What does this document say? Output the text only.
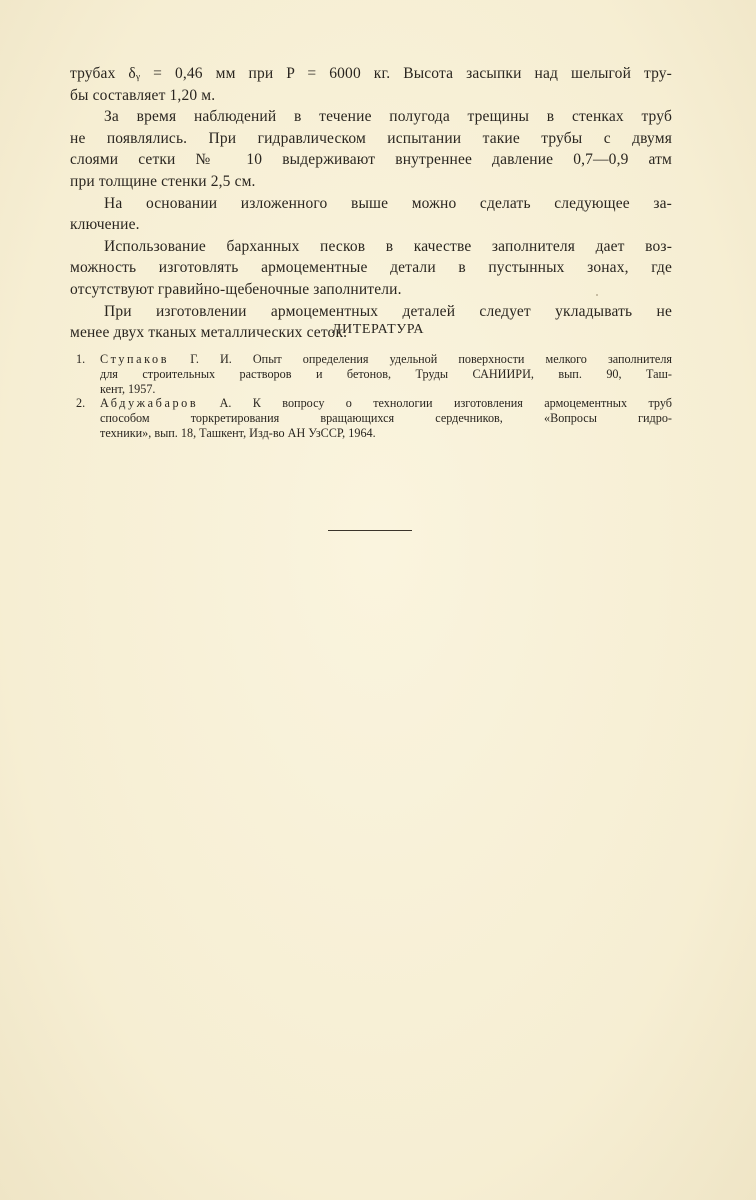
трубах δᵧ = 0,46 мм при P = 6000 кг. Высота засыпки над шелыгой тру-
бы составляет 1,20 м.

За время наблюдений в течение полугода трещины в стенках труб
не появлялись. При гидравлическом испытании такие трубы с двумя
слоями сетки № 10 выдерживают внутреннее давление 0,7—0,9 атм
при толщине стенки 2,5 см.

На основании изложенного выше можно сделать следующее за-
ключение.

Использование барханных песков в качестве заполнителя дает воз-
можность изготовлять армоцементные детали в пустынных зонах, где
отсутствуют гравийно-щебеночные заполнители.

При изготовлении армоцементных деталей следует укладывать не
менее двух тканых металлических сеток.

ЛИТЕРАТУРА
1. Ступаков Г. И. Опыт определения удельной поверхности мелкого заполнителя
для строительных растворов и бетонов, Труды САНИИРИ, вып. 90, Таш-
кент, 1957.
2. Абдужабаров А. К вопросу о технологии изготовления армоцементных труб
способом торкретирования вращающихся сердечников, «Вопросы гидро-
техники», вып. 18, Ташкент, Изд-во АН УзССР, 1964.
